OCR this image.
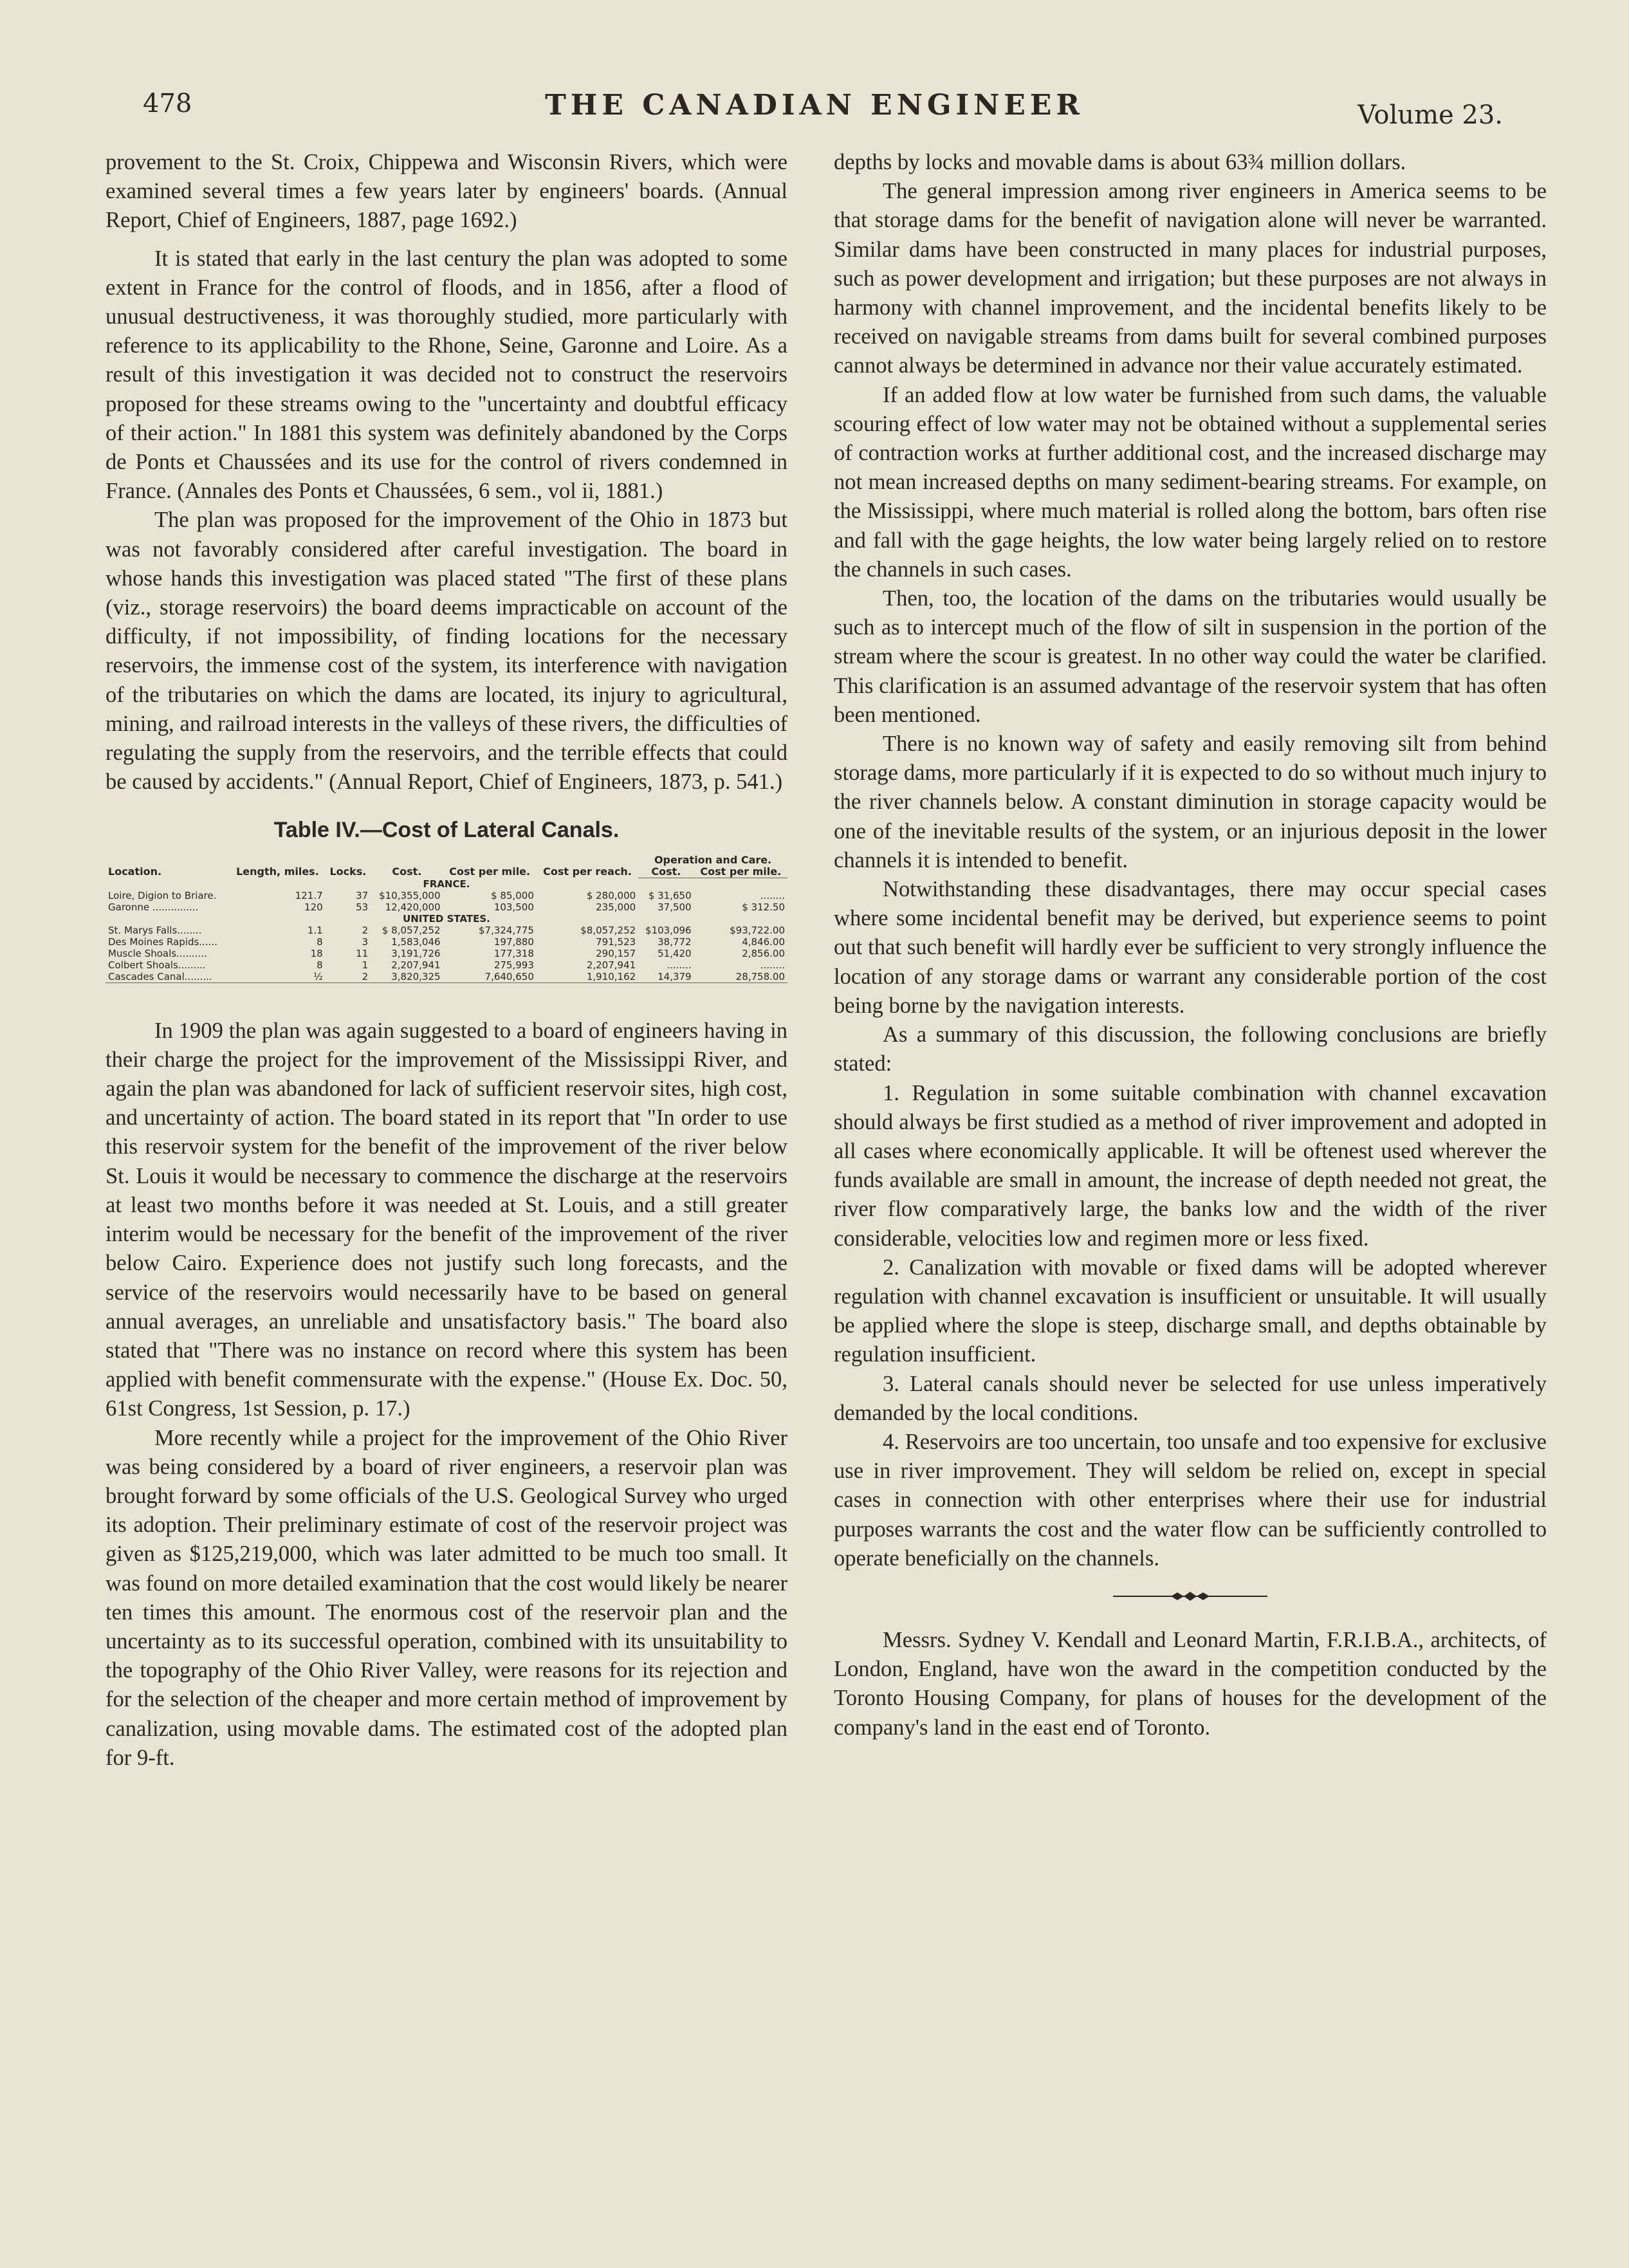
478	THE CANADIAN ENGINEER	Volume 23.

provement to the St. Croix, Chippewa and Wisconsin Rivers, which were examined several times a few years later by engineers' boards. (Annual Report, Chief of Engineers, 1887, page 1692.)

It is stated that early in the last century the plan was adopted to some extent in France for the control of floods, and in 1856, after a flood of unusual destructiveness, it was thoroughly studied, more particularly with reference to its applicability to the Rhone, Seine, Garonne and Loire. As a result of this investigation it was decided not to construct the reservoirs proposed for these streams owing to the "uncertainty and doubtful efficacy of their action." In 1881 this system was definitely abandoned by the Corps de Ponts et Chaussées and its use for the control of rivers condemned in France. (Annales des Ponts et Chaussées, 6 sem., vol ii, 1881.)

The plan was proposed for the improvement of the Ohio in 1873 but was not favorably considered after careful investigation. The board in whose hands this investigation was placed stated "The first of these plans (viz., storage reservoirs) the board deems impracticable on account of the difficulty, if not impossibility, of finding locations for the necessary reservoirs, the immense cost of the system, its interference with navigation of the tributaries on which the dams are located, its injury to agricultural, mining, and railroad interests in the valleys of these rivers, the difficulties of regulating the supply from the reservoirs, and the terrible effects that could be caused by accidents." (Annual Report, Chief of Engineers, 1873, p. 541.)

Table IV.—Cost of Lateral Canals.
Location.	Length, miles.	Locks.	Cost.	Cost per mile.	Cost per reach.	Operation and Care.	
						Cost.	Cost per mile.
FRANCE.							
Loire, Digion to Briare.	121.7	37	$10,355,000	$ 85,000	$ 280,000	$ 31,650	........
Garonne ...............	120	53	12,420,000	103,500	235,000	37,500	$ 312.50
UNITED STATES.							
St. Marys Falls........	1.1	2	$ 8,057,252	$7,324,775	$8,057,252	$103,096	$93,722.00
Des Moines Rapids......	8	3	1,583,046	197,880	791,523	38,772	4,846.00
Muscle Shoals..........	18	11	3,191,726	177,318	290,157	51,420	2,856.00
Colbert Shoals.........	8	1	2,207,941	275,993	2,207,941	........	........
Cascades Canal.........	½	2	3,820,325	7,640,650	1,910,162	14,379	28,758.00

In 1909 the plan was again suggested to a board of engineers having in their charge the project for the improvement of the Mississippi River, and again the plan was abandoned for lack of sufficient reservoir sites, high cost, and uncertainty of action. The board stated in its report that "In order to use this reservoir system for the benefit of the improvement of the river below St. Louis it would be necessary to commence the discharge at the reservoirs at least two months before it was needed at St. Louis, and a still greater interim would be necessary for the benefit of the improvement of the river below Cairo. Experience does not justify such long forecasts, and the service of the reservoirs would necessarily have to be based on general annual averages, an unreliable and unsatisfactory basis." The board also stated that "There was no instance on record where this system has been applied with benefit commensurate with the expense." (House Ex. Doc. 50, 61st Congress, 1st Session, p. 17.)

More recently while a project for the improvement of the Ohio River was being considered by a board of river engineers, a reservoir plan was brought forward by some officials of the U.S. Geological Survey who urged its adoption. Their preliminary estimate of cost of the reservoir project was given as $125,219,000, which was later admitted to be much too small. It was found on more detailed examination that the cost would likely be nearer ten times this amount. The enormous cost of the reservoir plan and the uncertainty as to its successful operation, combined with its unsuitability to the topography of the Ohio River Valley, were reasons for its rejection and for the selection of the cheaper and more certain method of improvement by canalization, using movable dams. The estimated cost of the adopted plan for 9-ft.

depths by locks and movable dams is about 63¾ million dollars.

The general impression among river engineers in America seems to be that storage dams for the benefit of navigation alone will never be warranted. Similar dams have been constructed in many places for industrial purposes, such as power development and irrigation; but these purposes are not always in harmony with channel improvement, and the incidental benefits likely to be received on navigable streams from dams built for several combined purposes cannot always be determined in advance nor their value accurately estimated.

If an added flow at low water be furnished from such dams, the valuable scouring effect of low water may not be obtained without a supplemental series of contraction works at further additional cost, and the increased discharge may not mean increased depths on many sediment-bearing streams. For example, on the Mississippi, where much material is rolled along the bottom, bars often rise and fall with the gage heights, the low water being largely relied on to restore the channels in such cases.

Then, too, the location of the dams on the tributaries would usually be such as to intercept much of the flow of silt in suspension in the portion of the stream where the scour is greatest. In no other way could the water be clarified. This clarification is an assumed advantage of the reservoir system that has often been mentioned.

There is no known way of safety and easily removing silt from behind storage dams, more particularly if it is expected to do so without much injury to the river channels below. A constant diminution in storage capacity would be one of the inevitable results of the system, or an injurious deposit in the lower channels it is intended to benefit.

Notwithstanding these disadvantages, there may occur special cases where some incidental benefit may be derived, but experience seems to point out that such benefit will hardly ever be sufficient to very strongly influence the location of any storage dams or warrant any considerable portion of the cost being borne by the navigation interests.

As a summary of this discussion, the following conclusions are briefly stated:

1. Regulation in some suitable combination with channel excavation should always be first studied as a method of river improvement and adopted in all cases where economically applicable. It will be oftenest used wherever the funds available are small in amount, the increase of depth needed not great, the river flow comparatively large, the banks low and the width of the river considerable, velocities low and regimen more or less fixed.

2. Canalization with movable or fixed dams will be adopted wherever regulation with channel excavation is insufficient or unsuitable. It will usually be applied where the slope is steep, discharge small, and depths obtainable by regulation insufficient.

3. Lateral canals should never be selected for use unless imperatively demanded by the local conditions.

4. Reservoirs are too uncertain, too unsafe and too expensive for exclusive use in river improvement. They will seldom be relied on, except in special cases in connection with other enterprises where their use for industrial purposes warrants the cost and the water flow can be sufficiently controlled to operate beneficially on the channels.

Messrs. Sydney V. Kendall and Leonard Martin, F.R.I.B.A., architects, of London, England, have won the award in the competition conducted by the Toronto Housing Company, for plans of houses for the development of the company's land in the east end of Toronto.
